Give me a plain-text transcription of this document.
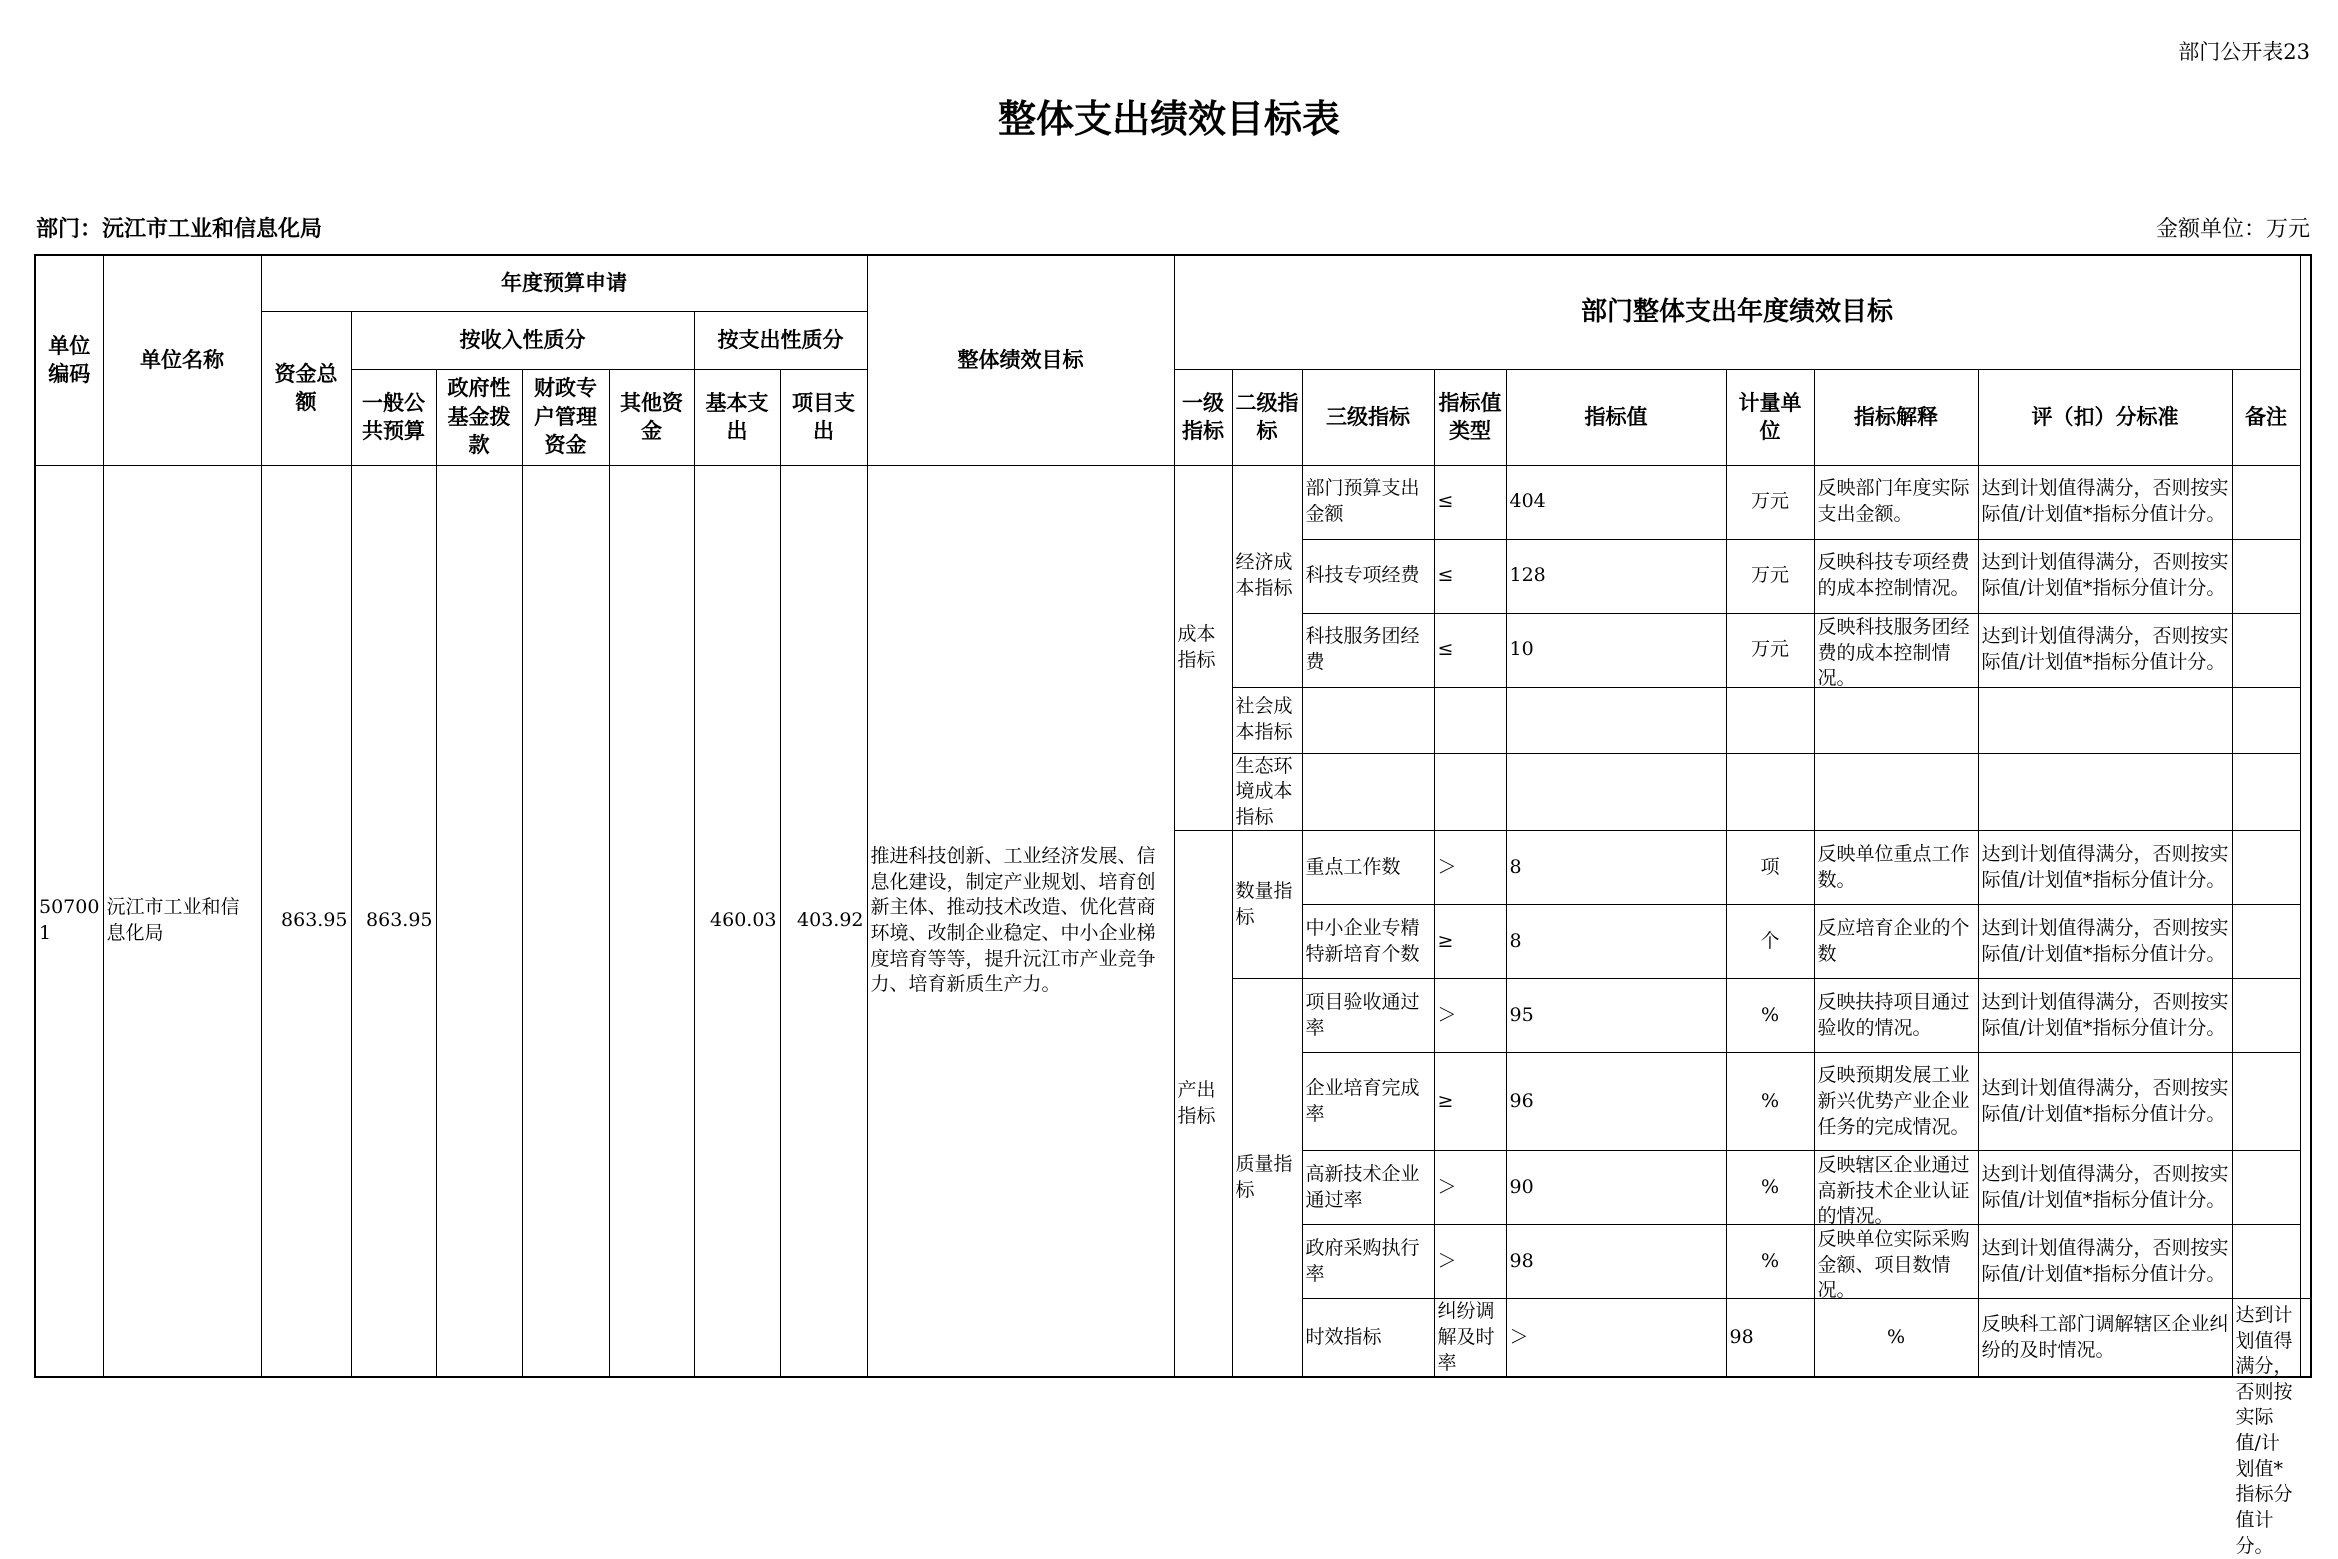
部门公开表23
整体支出绩效目标表
部门：沅江市工业和信息化局	金额单位：万元
单位编码	单位名称	年度预算申请							整体绩效目标	部门整体支出年度绩效目标									
		资金总额	按收入性质分				按支出性质分												
			一般公共预算	政府性基金拨款	财政专户管理资金	其他资金	基本支出	项目支出		一级指标	二级指标	三级指标	指标值类型	指标值	计量单位	指标解释	评（扣）分标准	备注	
507001	沅江市工业和信息化局	863.95	863.95				460.03	403.92	推进科技创新、工业经济发展、信息化建设，制定产业规划、培育创新主体、推动技术改造、优化营商环境、改制企业稳定、中小企业梯度培育等等，提升沅江市产业竞争力、培育新质生产力。	成本指标	经济成本指标	部门预算支出金额	≤	404	万元	反映部门年度实际支出金额。	达到计划值得满分，否则按实际值/计划值*指标分值计分。		

												科技专项经费	≤	128	万元	反映科技专项经费的成本控制情况。	达到计划值得满分，否则按实际值/计划值*指标分值计分。		

												科技服务团经费	≤	10	万元	反映科技服务团经费的成本控制情况。	达到计划值得满分，否则按实际值/计划值*指标分值计分。		

											社会成本指标								
											生态环境成本指标								
										产出指标	数量指标	重点工作数	＞	8	项	反映单位重点工作数。	达到计划值得满分，否则按实际值/计划值*指标分值计分。		

												中小企业专精特新培育个数	≥	8	个	反应培育企业的个数	达到计划值得满分，否则按实际值/计划值*指标分值计分。		

											质量指标	项目验收通过率	＞	95	%	反映扶持项目通过验收的情况。	达到计划值得满分，否则按实际值/计划值*指标分值计分。		

												企业培育完成率	≥	96	%	反映预期发展工业新兴优势产业企业任务的完成情况。	达到计划值得满分，否则按实际值/计划值*指标分值计分。		

												高新技术企业通过率	＞	90	%	反映辖区企业通过高新技术企业认证的情况。	达到计划值得满分，否则按实际值/计划值*指标分值计分。		

												政府采购执行率	＞	98	%	反映单位实际采购金额、项目数情况。	达到计划值得满分，否则按实际值/计划值*指标分值计分。		

												时效指标	纠纷调解及时率	＞	98	%	反映科工部门调解辖区企业纠纷的及时情况。	达到计划值得满分，否则按实际值/计划值*指标分值计分。	
